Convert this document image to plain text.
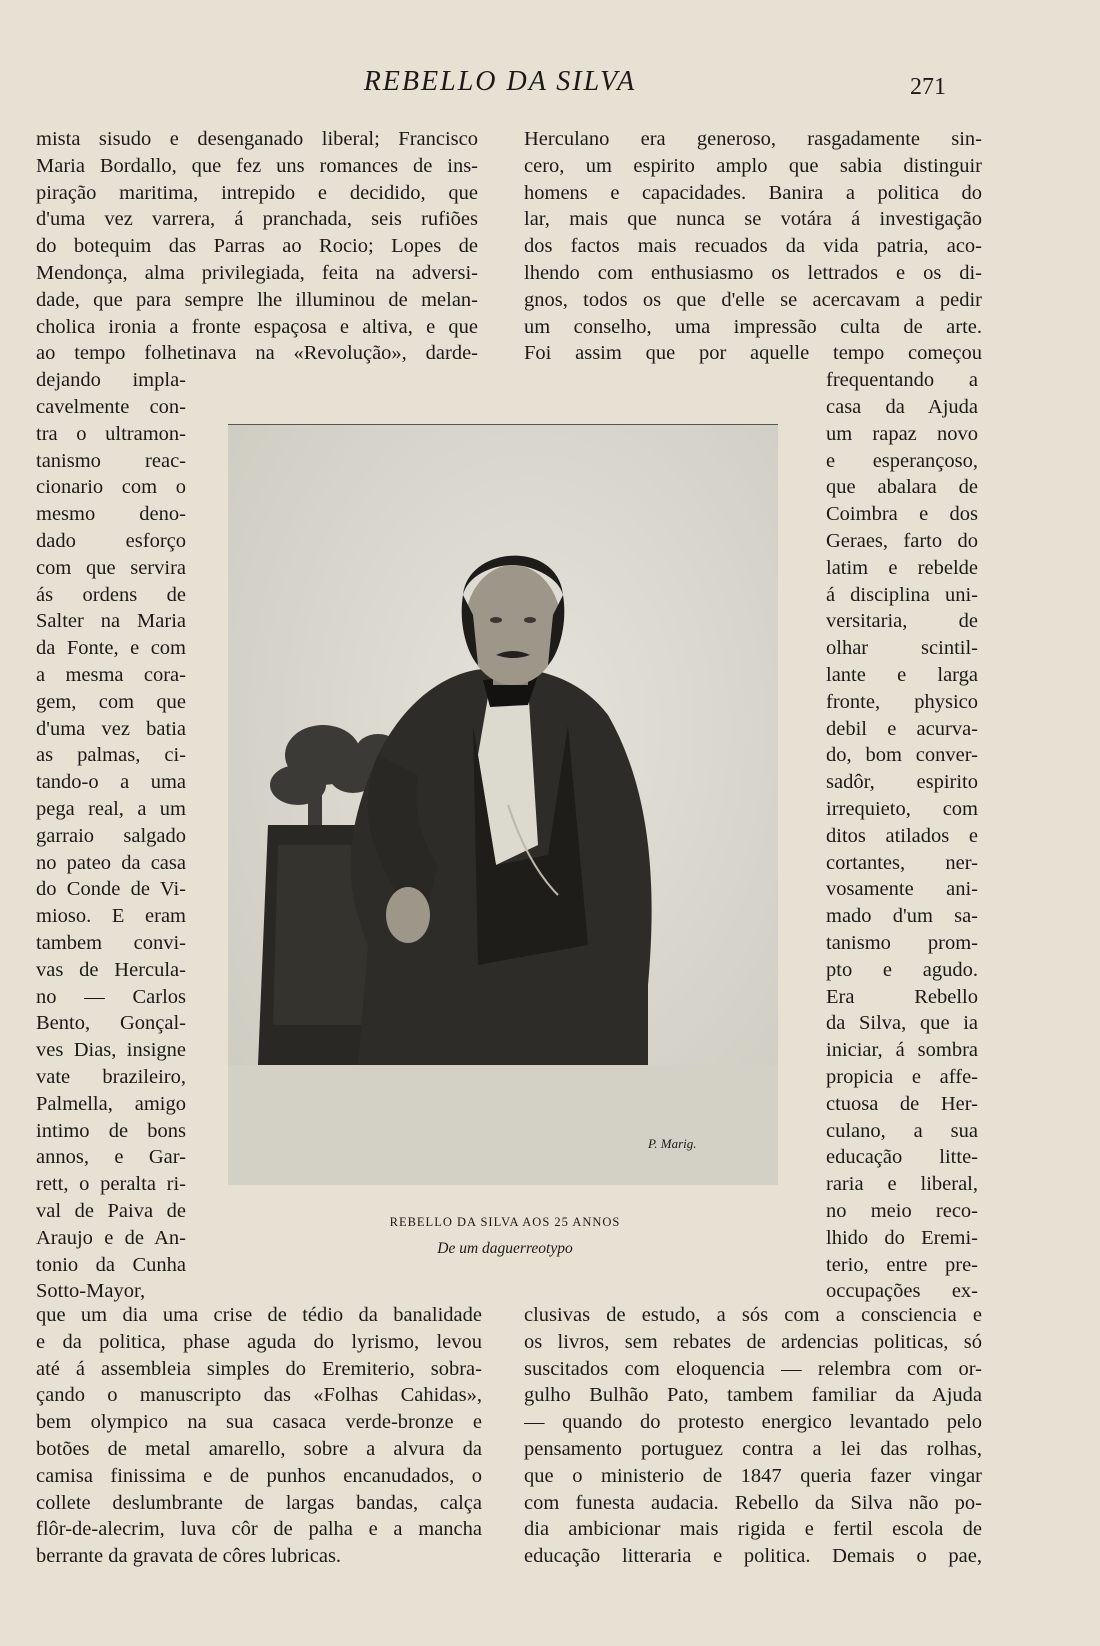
REBELLO DA SILVA	271
mista sisudo e desenganado liberal; Francisco
Maria Bordallo, que fez uns romances de ins-
piração maritima, intrepido e decidido, que
d'uma vez varrera, á pranchada, seis rufiões
do botequim das Parras ao Rocio; Lopes de
Mendonça, alma privilegiada, feita na adversi-
dade, que para sempre lhe illuminou de melan-
cholica ironia a fronte espaçosa e altiva, e que
ao tempo folhetinava na «Revolução», darde-
dejando impla-
cavelmente con-
tra o ultramon-
tanismo reac-
cionario com o
mesmo deno-
dado esforço
com que servira
ás ordens de
Salter na Maria
da Fonte, e com
a mesma cora-
gem, com que
d'uma vez batia
as palmas, ci-
tando-o a uma
pega real, a um
garraio salgado
no pateo da casa
do Conde de Vi-
mioso. E eram
tambem convi-
vas de Hercula-
no — Carlos
Bento, Gonçal-
ves Dias, insigne
vate brazileiro,
Palmella, amigo
intimo de bons
annos, e Gar-
rett, o peralta ri-
val de Paiva de
Araujo e de An-
tonio da Cunha
Sotto-Mayor,
que um dia uma crise de tédio da banalidade
e da politica, phase aguda do lyrismo, levou
até á assembleia simples do Eremiterio, sobra-
çando o manuscripto das «Folhas Cahidas»,
bem olympico na sua casaca verde-bronze e
botões de metal amarello, sobre a alvura da
camisa finissima e de punhos encanudados, o
collete deslumbrante de largas bandas, calça
flôr-de-alecrim, luva côr de palha e a mancha
berrante da gravata de côres lubricas.
Herculano era generoso, rasgadamente sin-
cero, um espirito amplo que sabia distinguir
homens e capacidades. Banira a politica do
lar, mais que nunca se votára á investigação
dos factos mais recuados da vida patria, aco-
lhendo com enthusiasmo os lettrados e os di-
gnos, todos os que d'elle se acercavam a pedir
um conselho, uma impressão culta de arte.
Foi assim que por aquelle tempo começou
frequentando a
casa da Ajuda
um rapaz novo
e esperançoso,
que abalara de
Coimbra e dos
Geraes, farto do
latim e rebelde
á disciplina uni-
versitaria, de
olhar scintil-
lante e larga
fronte, physico
debil e acurva-
do, bom conver-
sadôr, espirito
irrequieto, com
ditos atilados e
cortantes, ner-
vosamente ani-
mado d'um sa-
tanismo prom-
pto e agudo.
Era Rebello
da Silva, que ia
iniciar, á sombra
propicia e affe-
ctuosa de Her-
culano, a sua
educação litte-
raria e liberal,
no meio reco-
lhido do Eremi-
terio, entre pre-
occupações ex-
clusivas de estudo, a sós com a consciencia e
os livros, sem rebates de ardencias politicas, só
suscitados com eloquencia — relembra com or-
gulho Bulhão Pato, tambem familiar da Ajuda
— quando do protesto energico levantado pelo
pensamento portuguez contra a lei das rolhas,
que o ministerio de 1847 queria fazer vingar
com funesta audacia. Rebello da Silva não po-
dia ambicionar mais rigida e fertil escola de
educação litteraria e politica. Demais o pae,
P. Marig.
REBELLO DA SILVA AOS 25 ANNOS
De um daguerreotypo
